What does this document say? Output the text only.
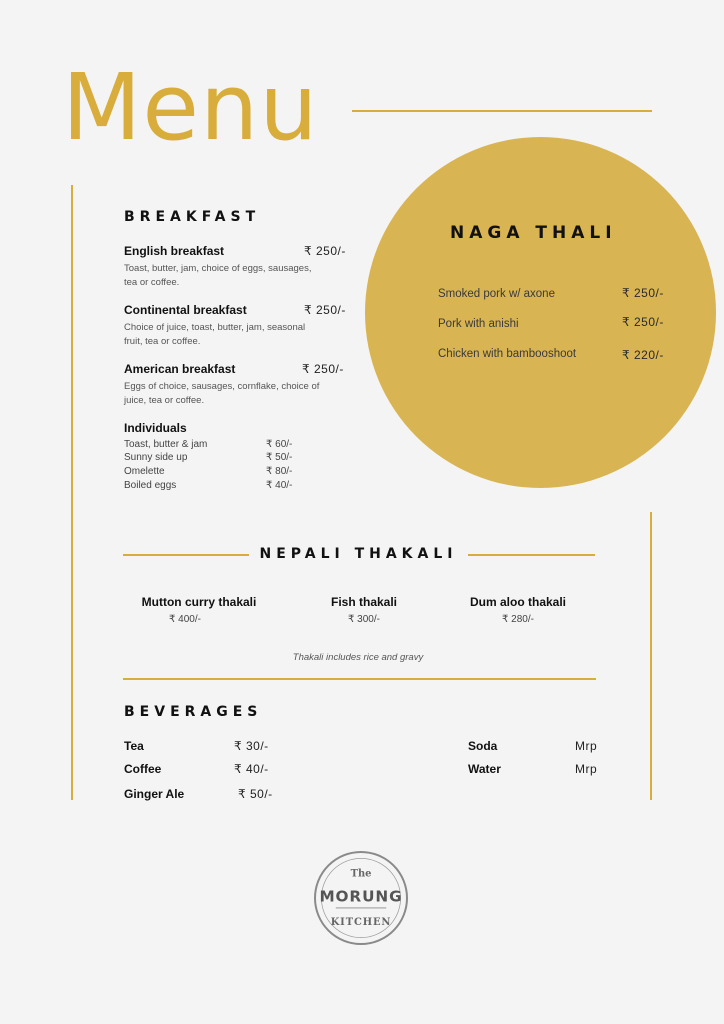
Menu
BREAKFAST
English breakfast	₹ 250/-
Toast, butter, jam, choice of eggs, sausages, tea or coffee.
Continental breakfast	₹ 250/-
Choice of juice, toast, butter, jam, seasonal fruit, tea or coffee.
American breakfast	₹ 250/-
Eggs of choice, sausages, cornflake, choice of juice, tea or coffee.
Individuals
Toast, butter & jam	₹ 60/-
Sunny side up	₹ 50/-
Omelette	₹ 80/-
Boiled eggs	₹ 40/-
NAGA THALI
Smoked pork w/ axone	₹ 250/-
Pork with anishi	₹ 250/-
Chicken with bambooshoot	₹ 220/-
NEPALI THAKALI
Mutton curry thakali
₹ 400/-
Fish thakali
₹ 300/-
Dum aloo thakali
₹ 280/-
Thakali includes rice and gravy
BEVERAGES
Tea	₹ 30/-
Coffee	₹ 40/-
Ginger Ale	₹ 50/-
Soda	Mrp
Water	Mrp
The
MORUNG
KITCHEN
